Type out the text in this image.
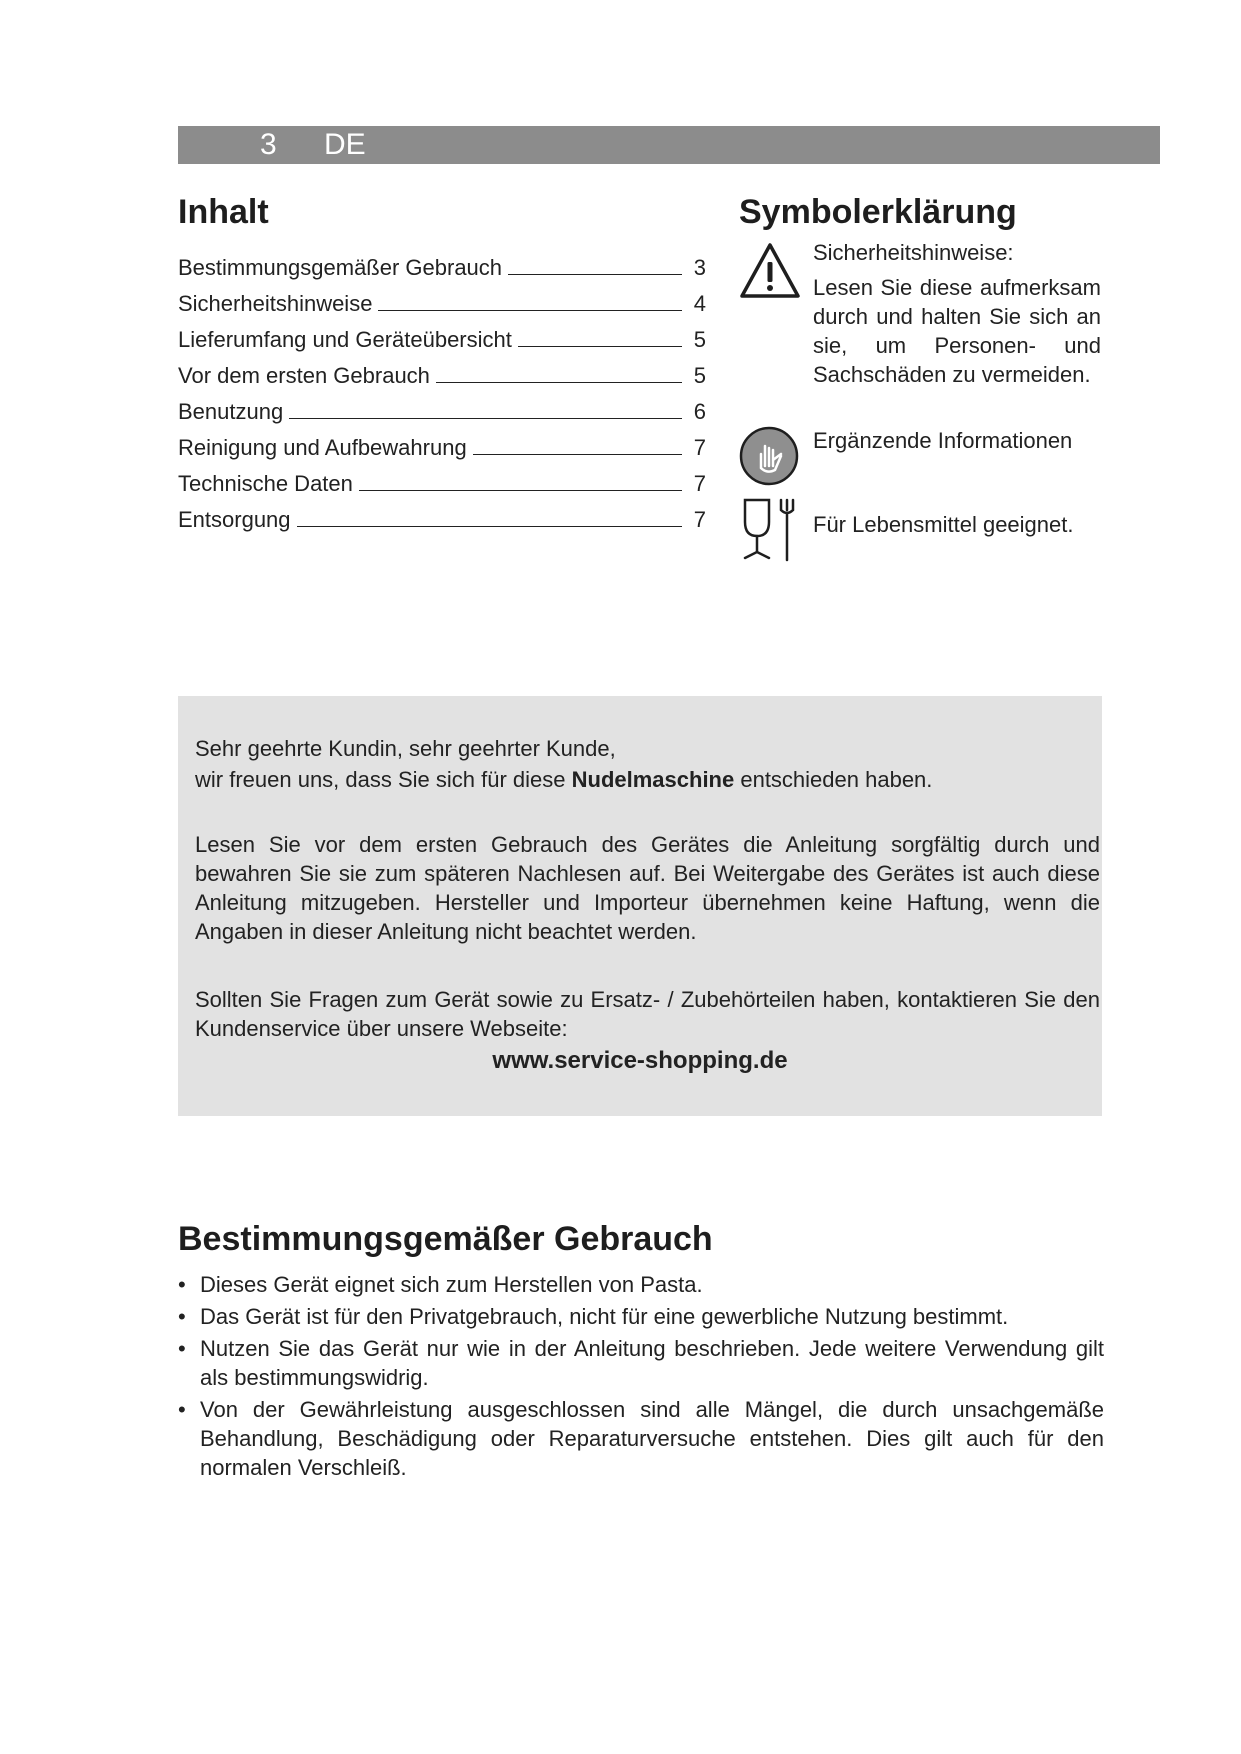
3 DE
Inhalt
Bestimmungsgemäßer Gebrauch	3
Sicherheitshinweise	4
Lieferumfang und Geräteübersicht	5
Vor dem ersten Gebrauch	5
Benutzung	6
Reinigung und Aufbewahrung	7
Technische Daten	7
Entsorgung	7
Symbolerklärung
Sicherheitshinweise:
Lesen Sie diese aufmerksam durch und halten Sie sich an sie, um Personen- und Sachschäden zu vermeiden.
Ergänzende Informationen
Für Lebensmittel geeignet.

Sehr geehrte Kundin, sehr geehrter Kunde,

wir freuen uns, dass Sie sich für diese Nudelmaschine entschieden haben.

Lesen Sie vor dem ersten Gebrauch des Gerätes die Anleitung sorgfältig durch und bewahren Sie sie zum späteren Nachlesen auf. Bei Weitergabe des Gerätes ist auch diese Anleitung mitzugeben. Hersteller und Importeur übernehmen keine Haftung, wenn die Angaben in dieser Anleitung nicht beachtet werden.

Sollten Sie Fragen zum Gerät sowie zu Ersatz- / Zubehörteilen haben, kontaktieren Sie den Kundenservice über unsere Webseite:

www.service-shopping.de

Bestimmungsgemäßer Gebrauch
• Dieses Gerät eignet sich zum Herstellen von Pasta.
• Das Gerät ist für den Privatgebrauch, nicht für eine gewerbliche Nutzung bestimmt.
• Nutzen Sie das Gerät nur wie in der Anleitung beschrieben. Jede weitere Verwendung gilt als bestimmungswidrig.
• Von der Gewährleistung ausgeschlossen sind alle Mängel, die durch unsachgemäße Behandlung, Beschädigung oder Reparaturversuche entstehen. Dies gilt auch für den normalen Verschleiß.
